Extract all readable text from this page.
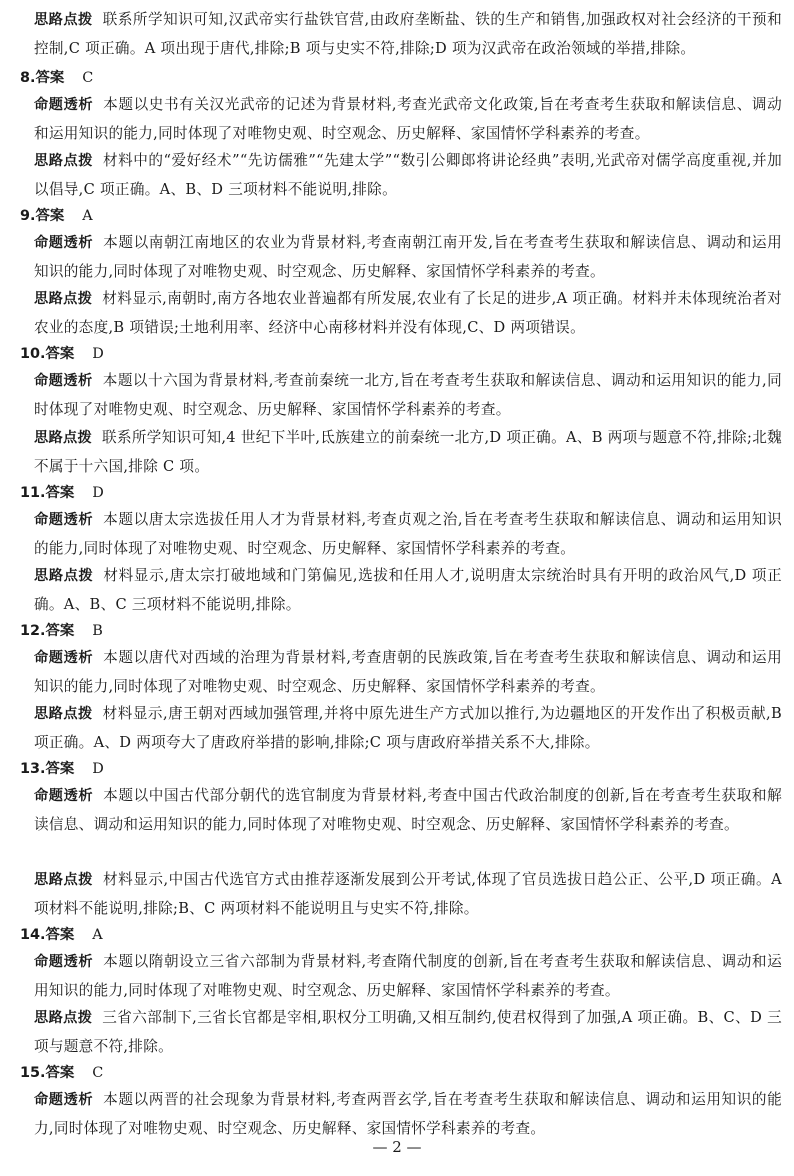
思路点拨 联系所学知识可知,汉武帝实行盐铁官营,由政府垄断盐、铁的生产和销售,加强政权对社会经济的干预和控制,C 项正确。A 项出现于唐代,排除;B 项与史实不符,排除;D 项为汉武帝在政治领域的举措,排除。

8.答案 C

命题透析 本题以史书有关汉光武帝的记述为背景材料,考查光武帝文化政策,旨在考查考生获取和解读信息、调动和运用知识的能力,同时体现了对唯物史观、时空观念、历史解释、家国情怀学科素养的考查。

思路点拨 材料中的“爱好经术”“先访儒雅”“先建太学”“数引公卿郎将讲论经典”表明,光武帝对儒学高度重视,并加以倡导,C 项正确。A、B、D 三项材料不能说明,排除。

9.答案 A

命题透析 本题以南朝江南地区的农业为背景材料,考查南朝江南开发,旨在考查考生获取和解读信息、调动和运用知识的能力,同时体现了对唯物史观、时空观念、历史解释、家国情怀学科素养的考查。

思路点拨 材料显示,南朝时,南方各地农业普遍都有所发展,农业有了长足的进步,A 项正确。材料并未体现统治者对农业的态度,B 项错误;土地利用率、经济中心南移材料并没有体现,C、D 两项错误。

10.答案 D

命题透析 本题以十六国为背景材料,考查前秦统一北方,旨在考查考生获取和解读信息、调动和运用知识的能力,同时体现了对唯物史观、时空观念、历史解释、家国情怀学科素养的考查。

思路点拨 联系所学知识可知,4 世纪下半叶,氐族建立的前秦统一北方,D 项正确。A、B 两项与题意不符,排除;北魏不属于十六国,排除 C 项。

11.答案 D

命题透析 本题以唐太宗选拔任用人才为背景材料,考查贞观之治,旨在考查考生获取和解读信息、调动和运用知识的能力,同时体现了对唯物史观、时空观念、历史解释、家国情怀学科素养的考查。

思路点拨 材料显示,唐太宗打破地域和门第偏见,选拔和任用人才,说明唐太宗统治时具有开明的政治风气,D 项正确。A、B、C 三项材料不能说明,排除。

12.答案 B

命题透析 本题以唐代对西域的治理为背景材料,考查唐朝的民族政策,旨在考查考生获取和解读信息、调动和运用知识的能力,同时体现了对唯物史观、时空观念、历史解释、家国情怀学科素养的考查。

思路点拨 材料显示,唐王朝对西域加强管理,并将中原先进生产方式加以推行,为边疆地区的开发作出了积极贡献,B 项正确。A、D 两项夸大了唐政府举措的影响,排除;C 项与唐政府举措关系不大,排除。

13.答案 D

命题透析 本题以中国古代部分朝代的选官制度为背景材料,考查中国古代政治制度的创新,旨在考查考生获取和解读信息、调动和运用知识的能力,同时体现了对唯物史观、时空观念、历史解释、家国情怀学科素养的考查。

思路点拨 材料显示,中国古代选官方式由推荐逐渐发展到公开考试,体现了官员选拔日趋公正、公平,D 项正确。A 项材料不能说明,排除;B、C 两项材料不能说明且与史实不符,排除。

14.答案 A

命题透析 本题以隋朝设立三省六部制为背景材料,考查隋代制度的创新,旨在考查考生获取和解读信息、调动和运用知识的能力,同时体现了对唯物史观、时空观念、历史解释、家国情怀学科素养的考查。

思路点拨 三省六部制下,三省长官都是宰相,职权分工明确,又相互制约,使君权得到了加强,A 项正确。B、C、D 三项与题意不符,排除。

15.答案 C

命题透析 本题以两晋的社会现象为背景材料,考查两晋玄学,旨在考查考生获取和解读信息、调动和运用知识的能力,同时体现了对唯物史观、时空观念、历史解释、家国情怀学科素养的考查。

— 2 —
